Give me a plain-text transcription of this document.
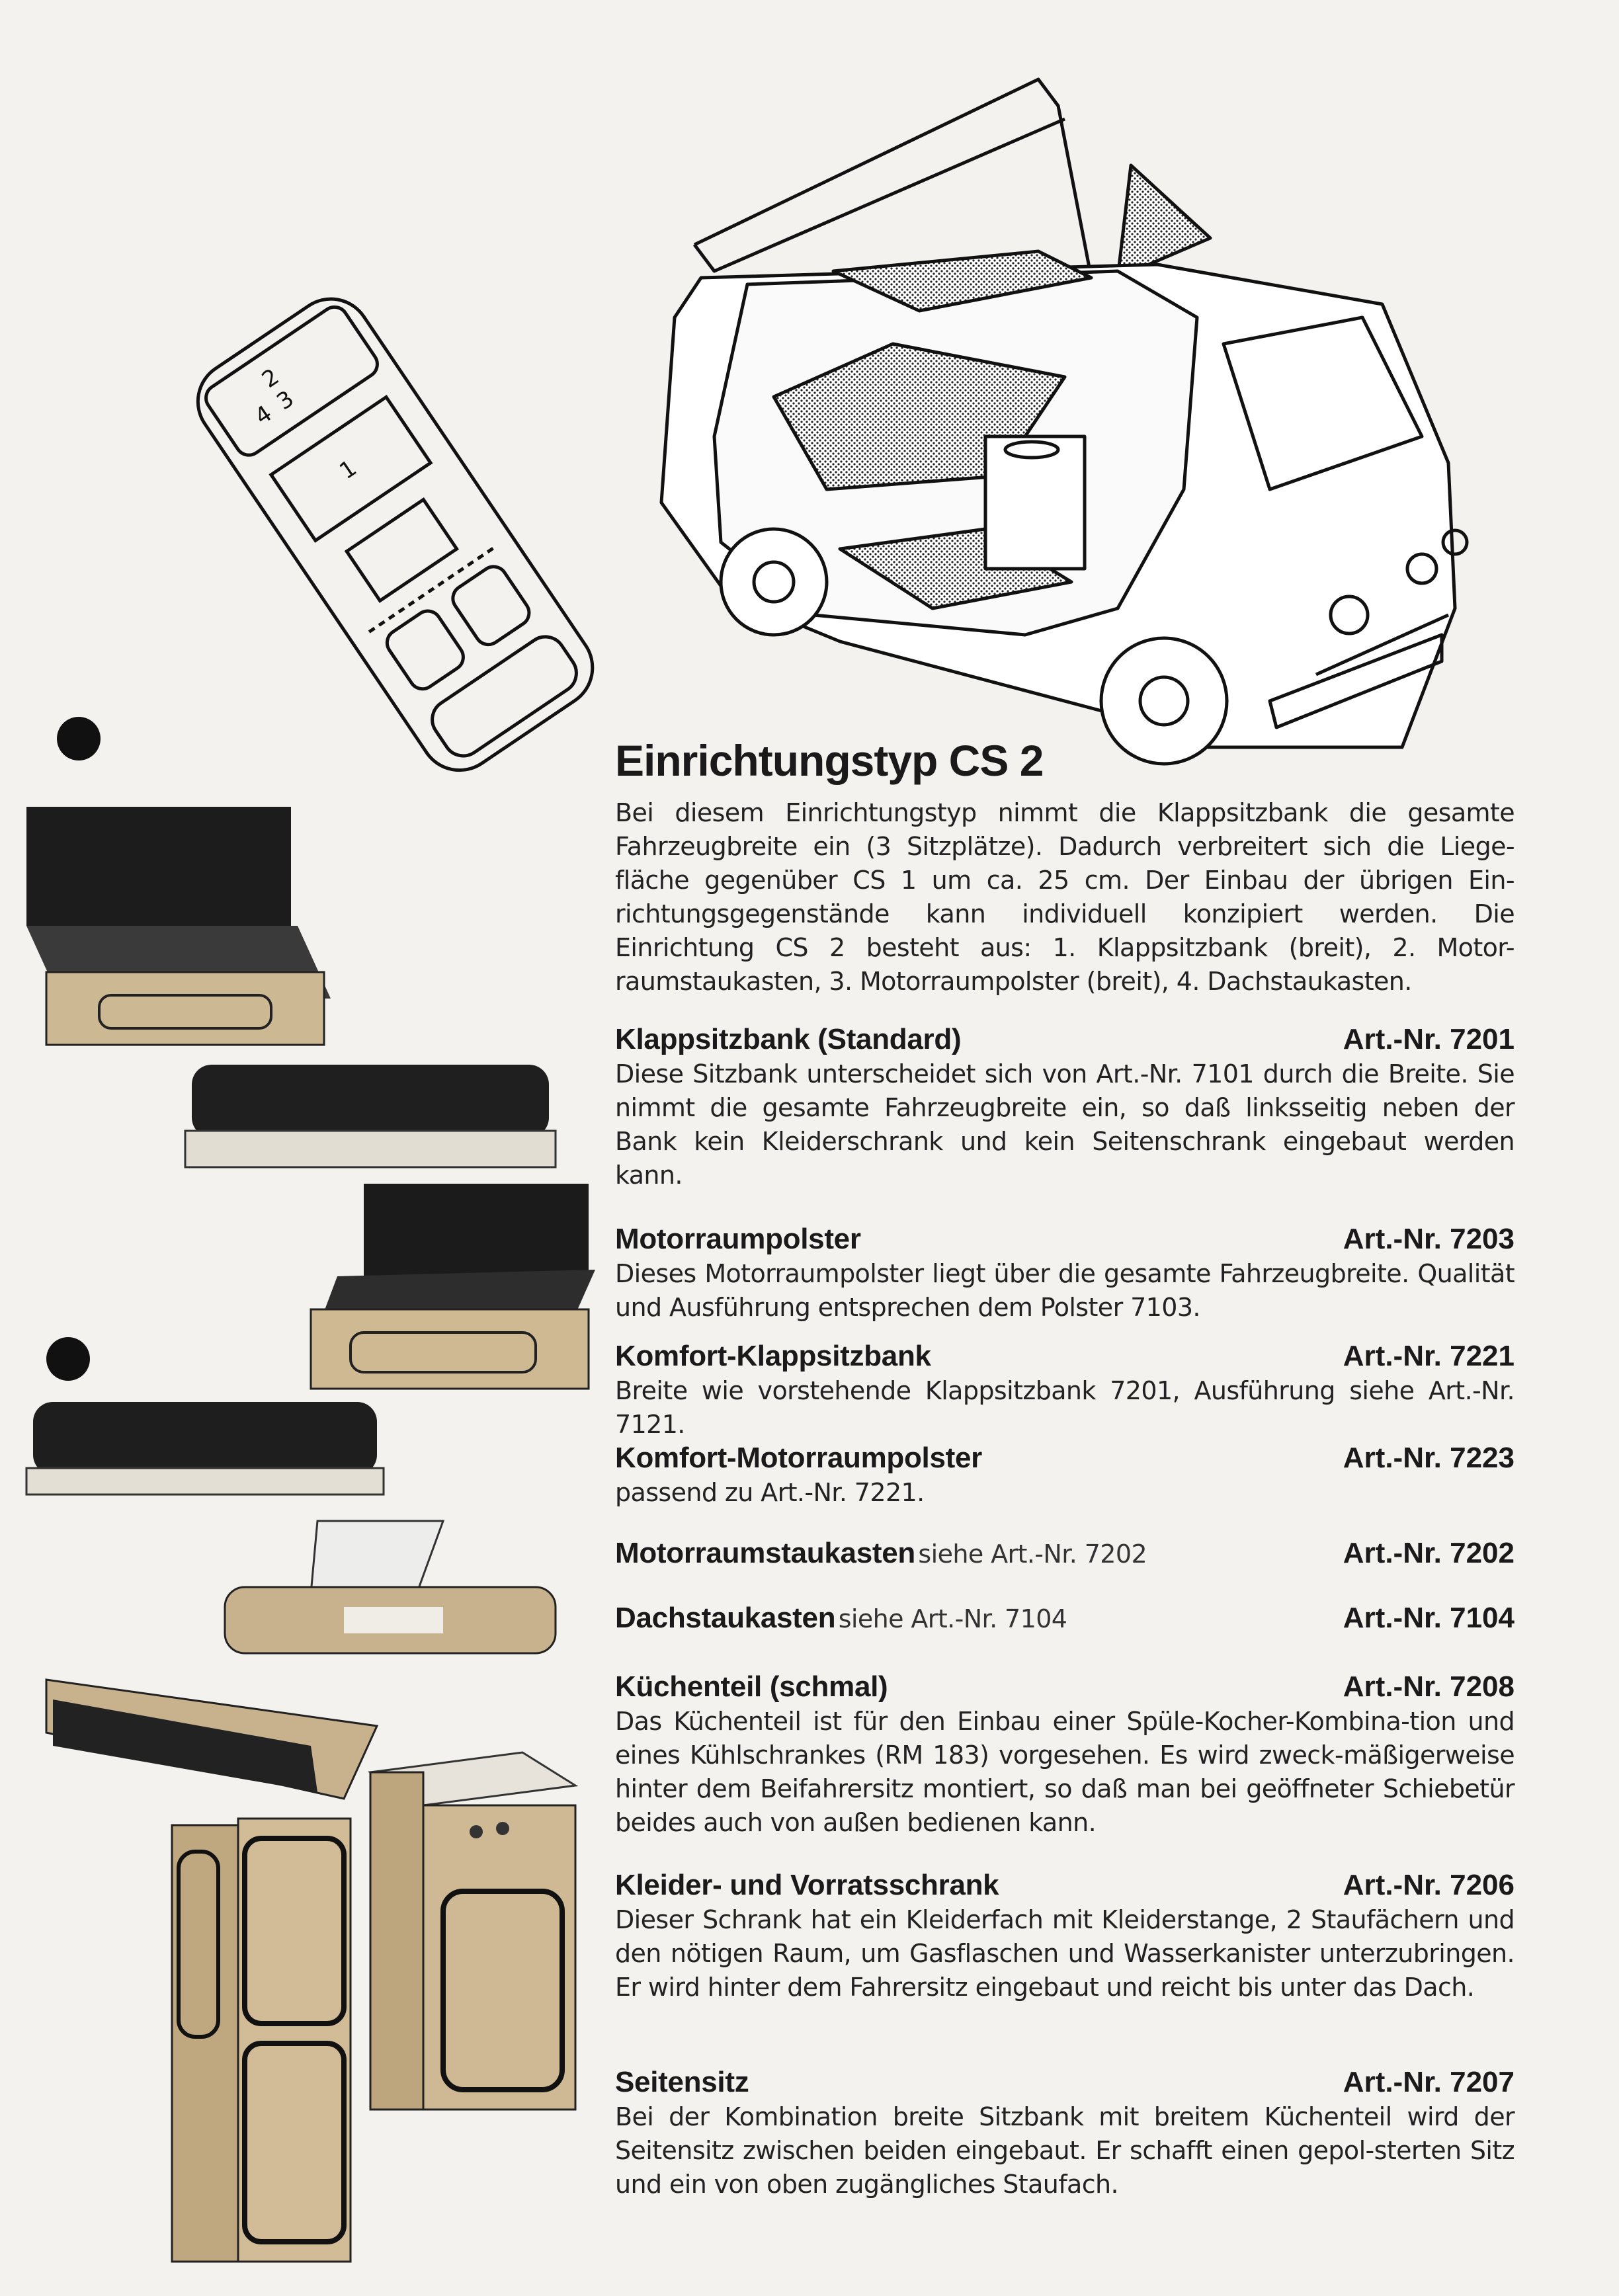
2
3
4
1
Einrichtungstyp CS 2

Bei diesem Einrichtungstyp nimmt die Klappsitzbank die gesamte Fahrzeugbreite ein (3 Sitzplätze). Dadurch verbreitert sich die Liege-fläche gegenüber CS 1 um ca. 25 cm. Der Einbau der übrigen Ein-richtungsgegenstände kann individuell konzipiert werden. Die Einrichtung CS 2 besteht aus: 1. Klappsitzbank (breit), 2. Motor-raumstaukasten, 3. Motorraumpolster (breit), 4. Dachstaukasten.

Klappsitzbank (Standard)	Art.-Nr. 7201

Diese Sitzbank unterscheidet sich von Art.-Nr. 7101 durch die Breite. Sie nimmt die gesamte Fahrzeugbreite ein, so daß linksseitig neben der Bank kein Kleiderschrank und kein Seitenschrank eingebaut werden kann.

Motorraumpolster	Art.-Nr. 7203

Dieses Motorraumpolster liegt über die gesamte Fahrzeugbreite. Qualität und Ausführung entsprechen dem Polster 7103.

Komfort-Klappsitzbank	Art.-Nr. 7221

Breite wie vorstehende Klappsitzbank 7201, Ausführung siehe Art.-Nr. 7121.

Komfort-Motorraumpolster	Art.-Nr. 7223

passend zu Art.-Nr. 7221.

Motorraumstaukasten siehe Art.-Nr. 7202	Art.-Nr. 7202
Dachstaukasten siehe Art.-Nr. 7104	Art.-Nr. 7104
Küchenteil (schmal)	Art.-Nr. 7208

Das Küchenteil ist für den Einbau einer Spüle-Kocher-Kombina-tion und eines Kühlschrankes (RM 183) vorgesehen. Es wird zweck-mäßigerweise hinter dem Beifahrersitz montiert, so daß man bei geöffneter Schiebetür beides auch von außen bedienen kann.

Kleider- und Vorratsschrank	Art.-Nr. 7206

Dieser Schrank hat ein Kleiderfach mit Kleiderstange, 2 Staufächern und den nötigen Raum, um Gasflaschen und Wasserkanister unterzubringen. Er wird hinter dem Fahrersitz eingebaut und reicht bis unter das Dach.

Seitensitz	Art.-Nr. 7207

Bei der Kombination breite Sitzbank mit breitem Küchenteil wird der Seitensitz zwischen beiden eingebaut. Er schafft einen gepol-sterten Sitz und ein von oben zugängliches Staufach.
